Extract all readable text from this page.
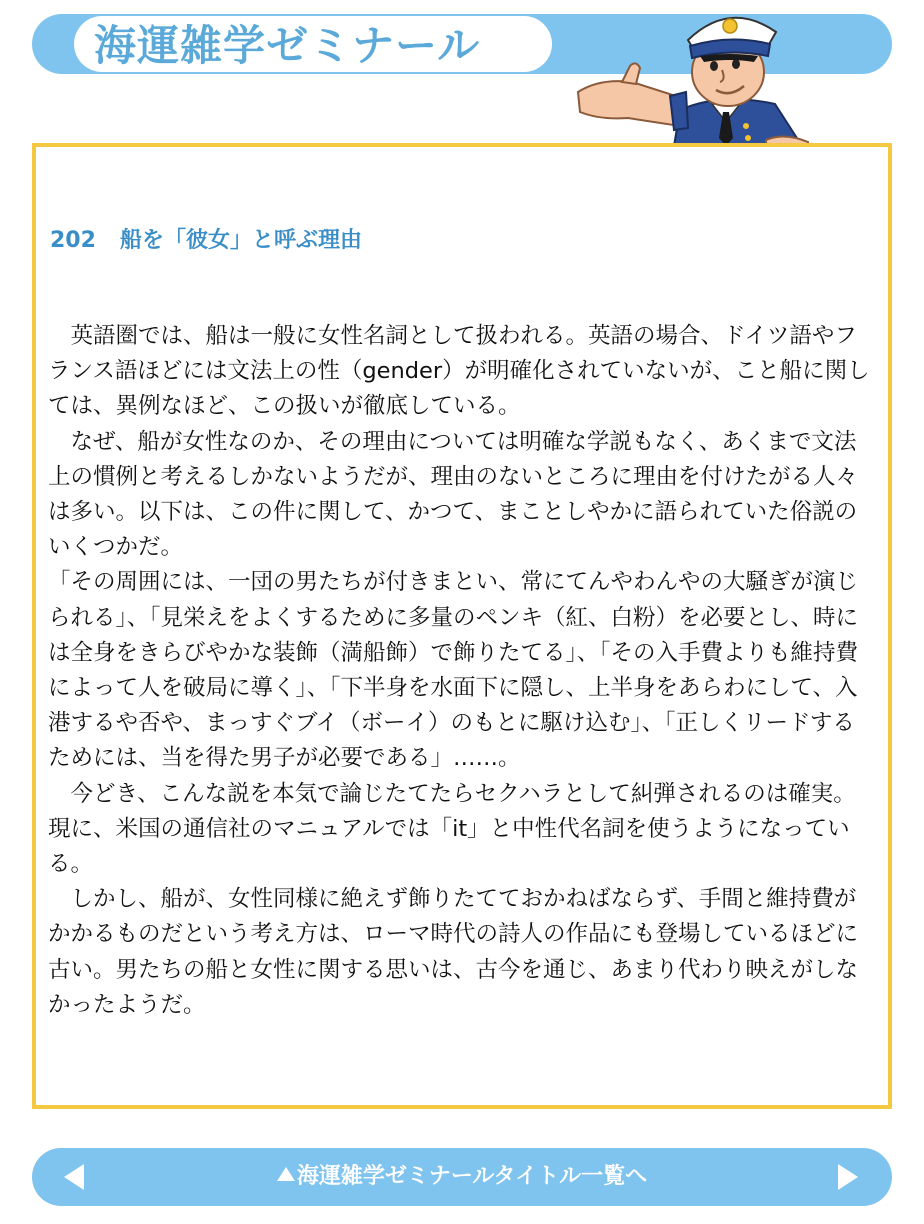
海運雑学ゼミナール
202 船を「彼女」と呼ぶ理由

　英語圏では、船は一般に女性名詞として扱われる。英語の場合、ドイツ語やフランス語ほどには文法上の性（gender）が明確化されていないが、こと船に関しては、異例なほど、この扱いが徹底している。

　なぜ、船が女性なのか、その理由については明確な学説もなく、あくまで文法上の慣例と考えるしかないようだが、理由のないところに理由を付けたがる人々は多い。以下は、この件に関して、かつて、まことしやかに語られていた俗説のいくつかだ。

「その周囲には、一団の男たちが付きまとい、常にてんやわんやの大騒ぎが演じられる」、「見栄えをよくするために多量のペンキ（紅、白粉）を必要とし、時には全身をきらびやかな装飾（満船飾）で飾りたてる」、「その入手費よりも維持費によって人を破局に導く」、「下半身を水面下に隠し、上半身をあらわにして、入港するや否や、まっすぐブイ（ボーイ）のもとに駆け込む」、「正しくリードするためには、当を得た男子が必要である」……。

　今どき、こんな説を本気で論じたてたらセクハラとして糾弾されるのは確実。現に、米国の通信社のマニュアルでは「it」と中性代名詞を使うようになっている。

　しかし、船が、女性同様に絶えず飾りたてておかねばならず、手間と維持費がかかるものだという考え方は、ローマ時代の詩人の作品にも登場しているほどに古い。男たちの船と女性に関する思いは、古今を通じ、あまり代わり映えがしなかったようだ。

海運雑学ゼミナールタイトル一覧へ
